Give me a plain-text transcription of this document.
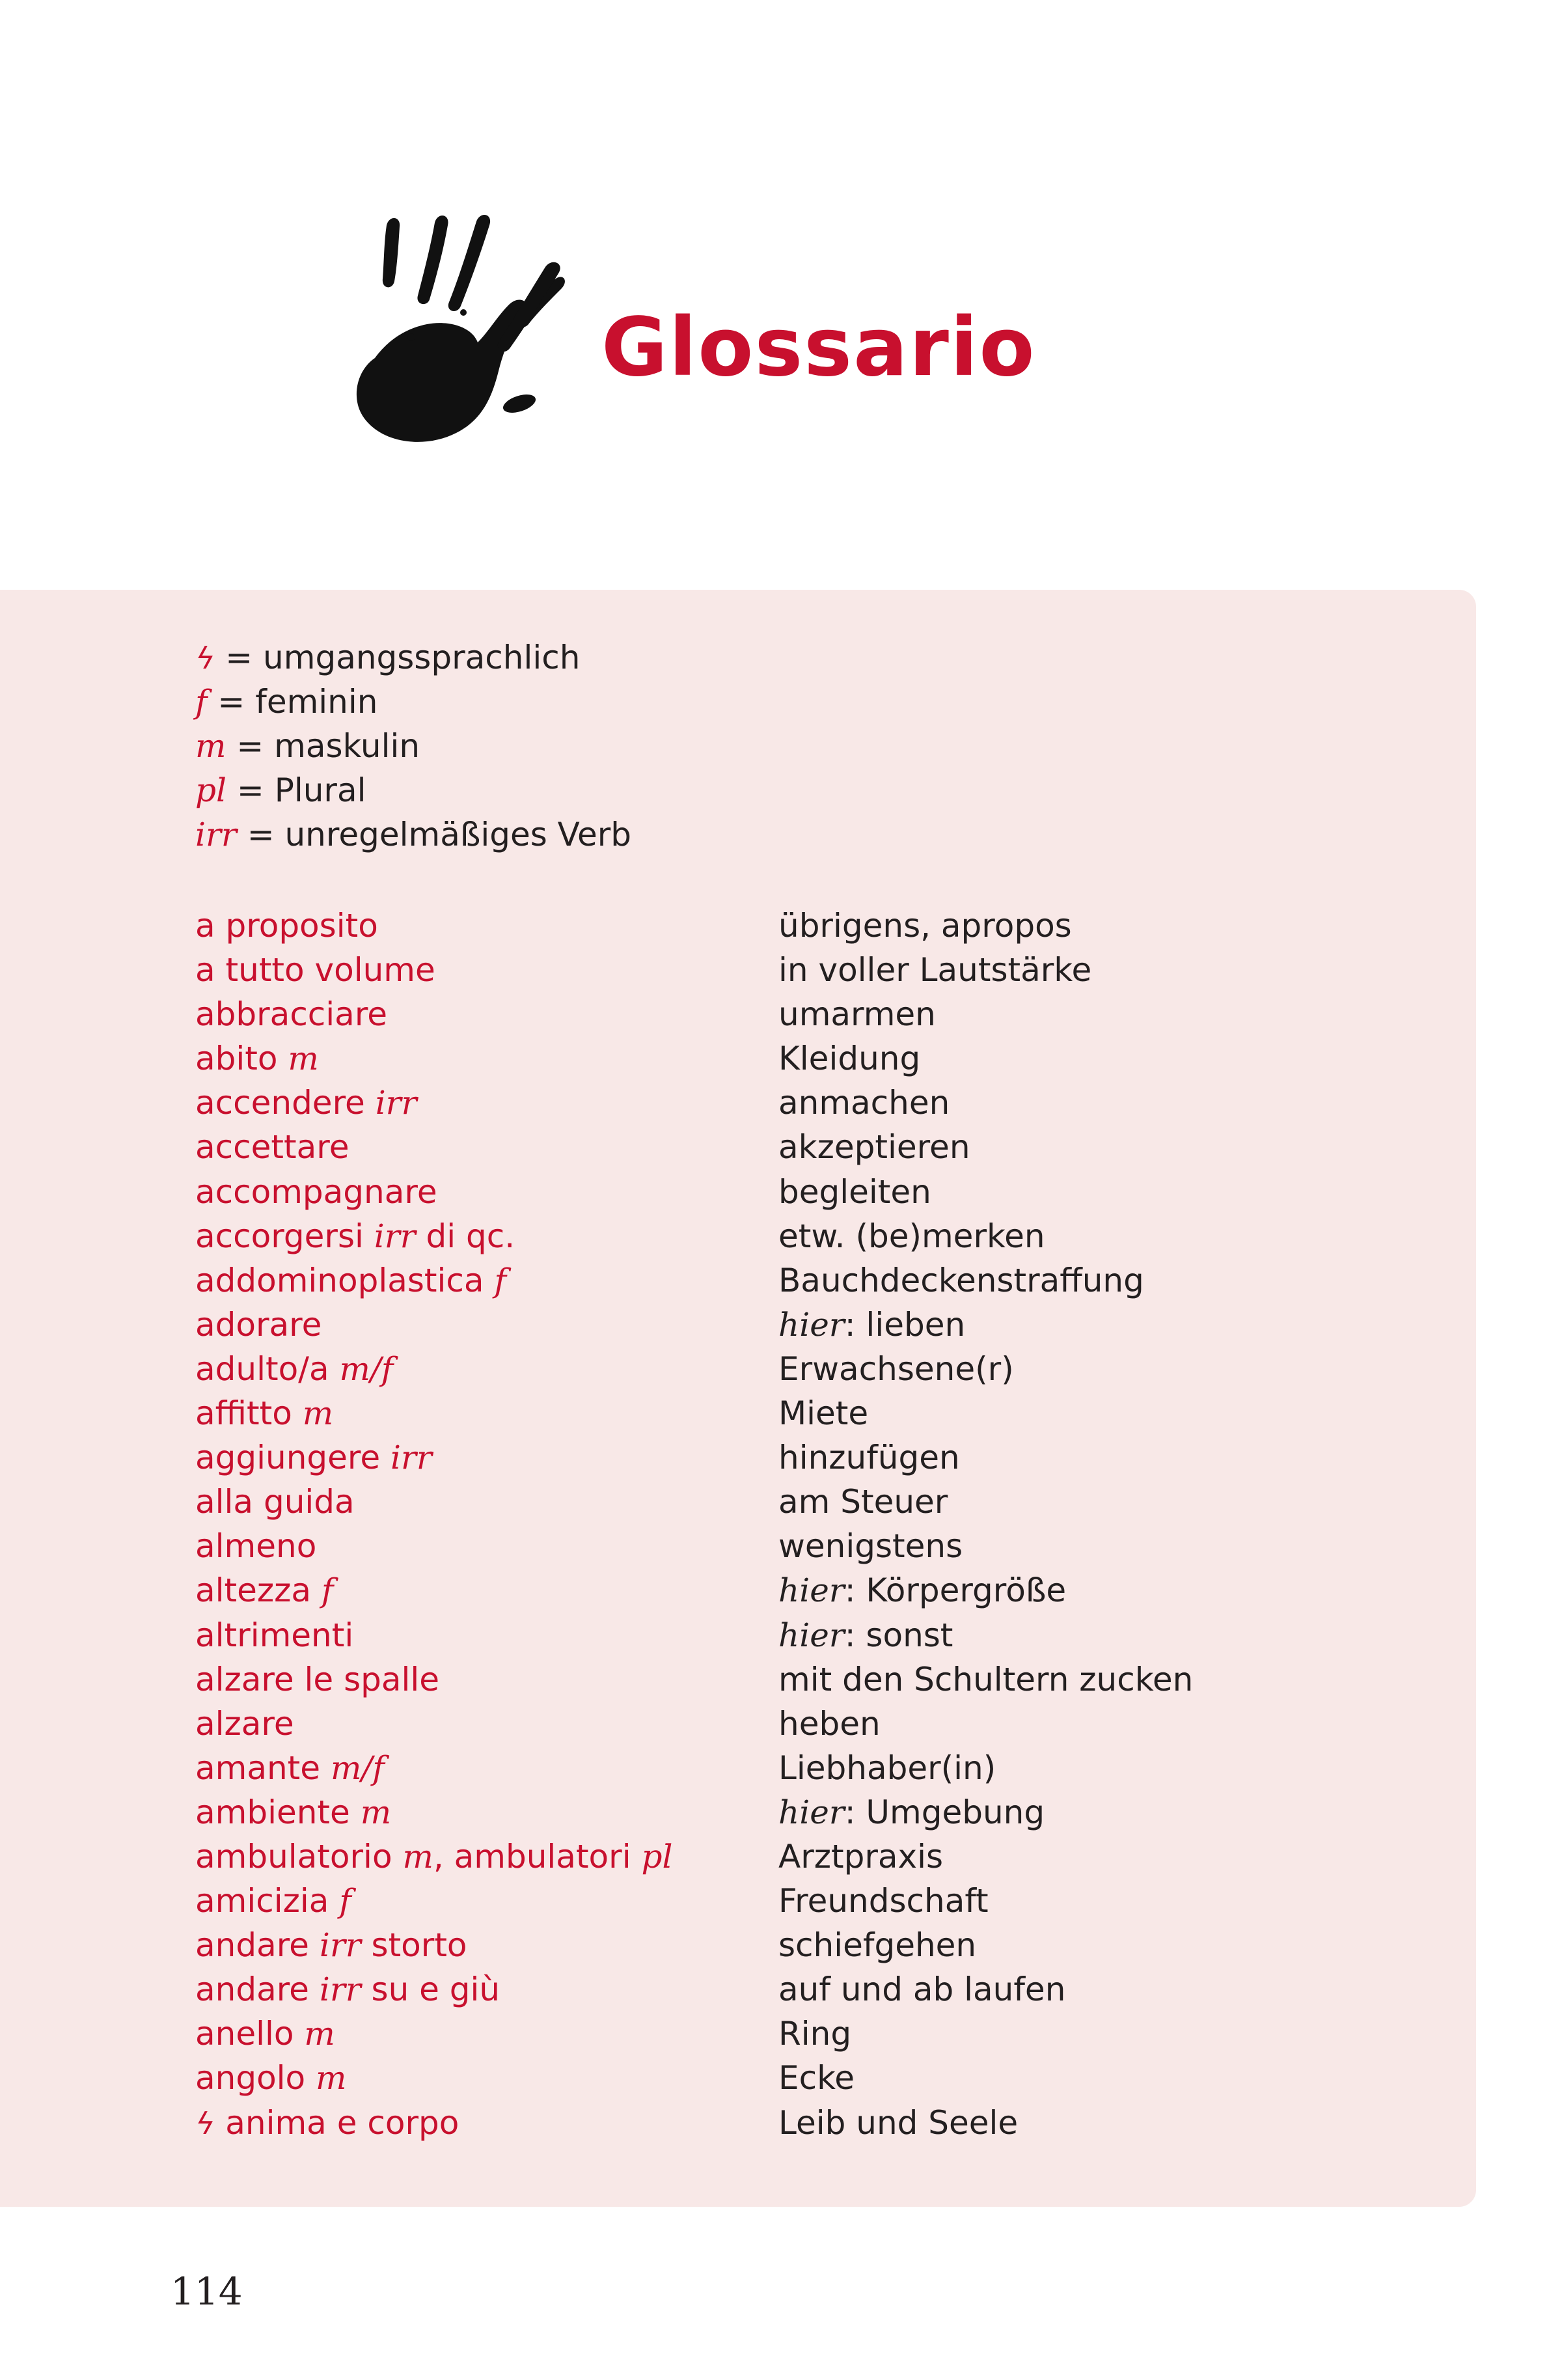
Glossario
ϟ = umgangssprachlich
f = feminin
m = maskulin
pl = Plural
irr = unregelmäßiges Verb
a proposito	übrigens, apropos
a tutto volume	in voller Lautstärke
abbracciare	umarmen
abito m	Kleidung
accendere irr	anmachen
accettare	akzeptieren
accompagnare	begleiten
accorgersi irr di qc.	etw. (be)merken
addominoplastica f	Bauchdeckenstraffung
adorare	hier: lieben
adulto/a m/f	Erwachsene(r)
affitto m	Miete
aggiungere irr	hinzufügen
alla guida	am Steuer
almeno	wenigstens
altezza f	hier: Körpergröße
altrimenti	hier: sonst
alzare le spalle	mit den Schultern zucken
alzare	heben
amante m/f	Liebhaber(in)
ambiente m	hier: Umgebung
ambulatorio m, ambulatori pl	Arztpraxis
amicizia f	Freundschaft
andare irr storto	schiefgehen
andare irr su e giù	auf und ab laufen
anello m	Ring
angolo m	Ecke
ϟ anima e corpo	Leib und Seele
114
